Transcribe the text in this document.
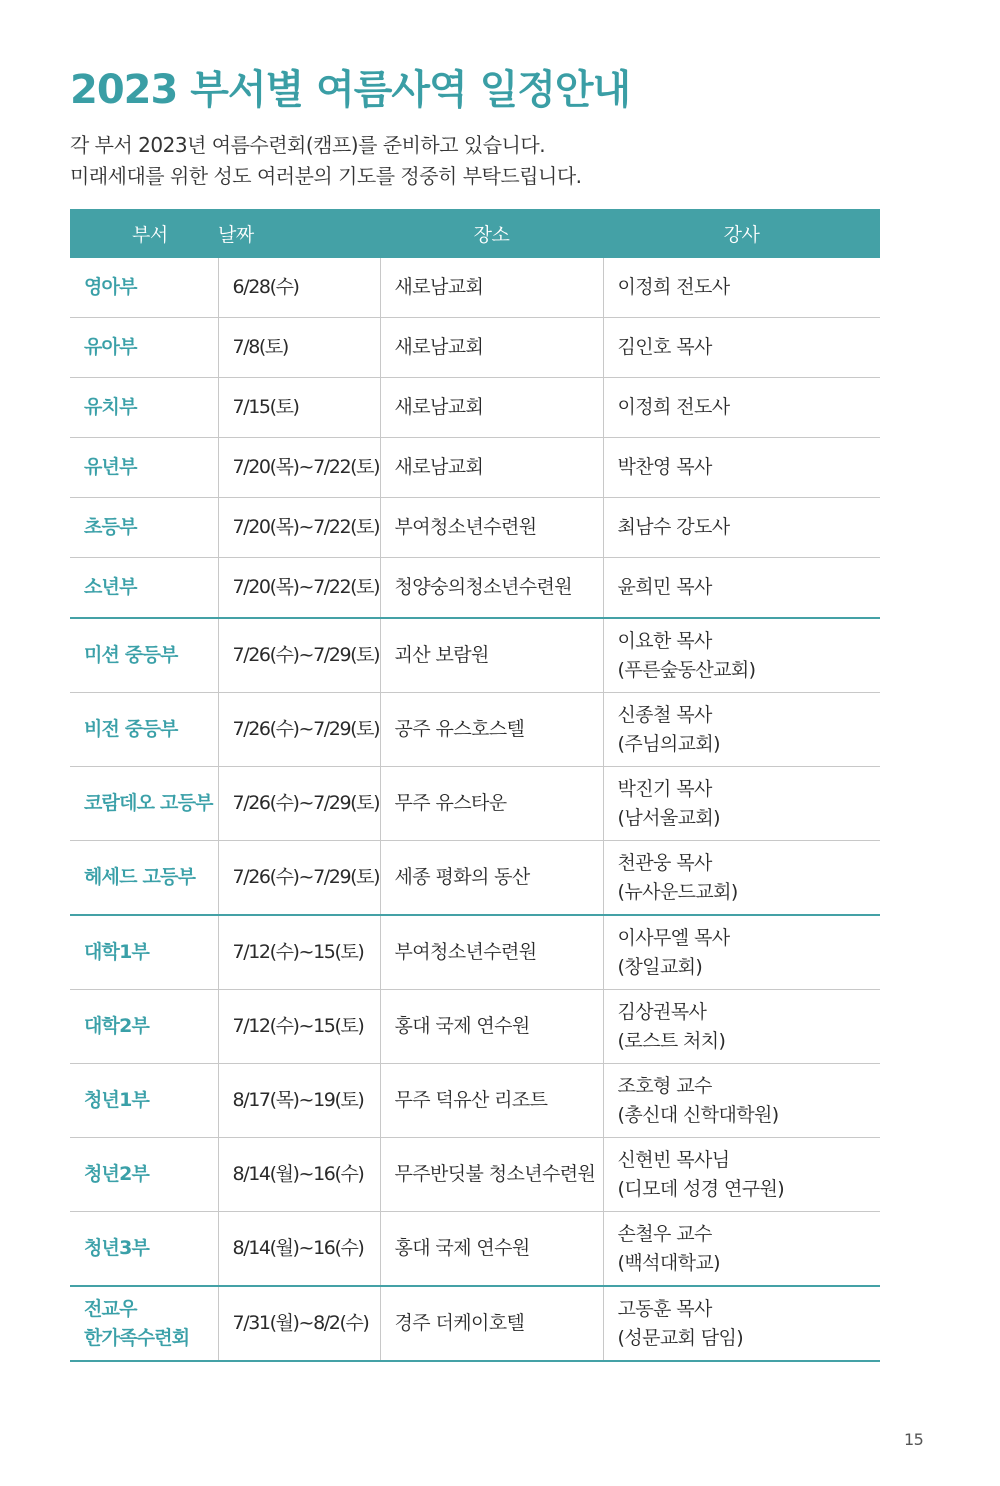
2023 부서별 여름사역 일정안내
각 부서 2023년 여름수련회(캠프)를 준비하고 있습니다.
미래세대를 위한 성도 여러분의 기도를 정중히 부탁드립니다.
부서	날짜	장소	강사

영아부	6/28(수)	새로남교회	이정희 전도사

유아부	7/8(토)	새로남교회	김인호 목사

유치부	7/15(토)	새로남교회	이정희 전도사

유년부	7/20(목)~7/22(토)	새로남교회	박찬영 목사

초등부	7/20(목)~7/22(토)	부여청소년수련원	최남수 강도사

소년부	7/20(목)~7/22(토)	청양숭의청소년수련원	윤희민 목사

미션 중등부	7/26(수)~7/29(토)	괴산 보람원	이요한 목사
(푸른숲동산교회)

비전 중등부	7/26(수)~7/29(토)	공주 유스호스텔	신종철 목사
(주님의교회)

코람데오 고등부	7/26(수)~7/29(토)	무주 유스타운	박진기 목사
(남서울교회)

헤세드 고등부	7/26(수)~7/29(토)	세종 평화의 동산	천관웅 목사
(뉴사운드교회)

대학1부	7/12(수)~15(토)	부여청소년수련원	이사무엘 목사
(창일교회)

대학2부	7/12(수)~15(토)	홍대 국제 연수원	김상권목사
(로스트 처치)

청년1부	8/17(목)~19(토)	무주 덕유산 리조트	조호형 교수
(총신대 신학대학원)

청년2부	8/14(월)~16(수)	무주반딧불 청소년수련원	신현빈 목사님
(디모데 성경 연구원)

청년3부	8/14(월)~16(수)	홍대 국제 연수원	손철우 교수
(백석대학교)

전교우
한가족수련회	7/31(월)~8/2(수)	경주 더케이호텔	고동훈 목사
(성문교회 담임)
15
